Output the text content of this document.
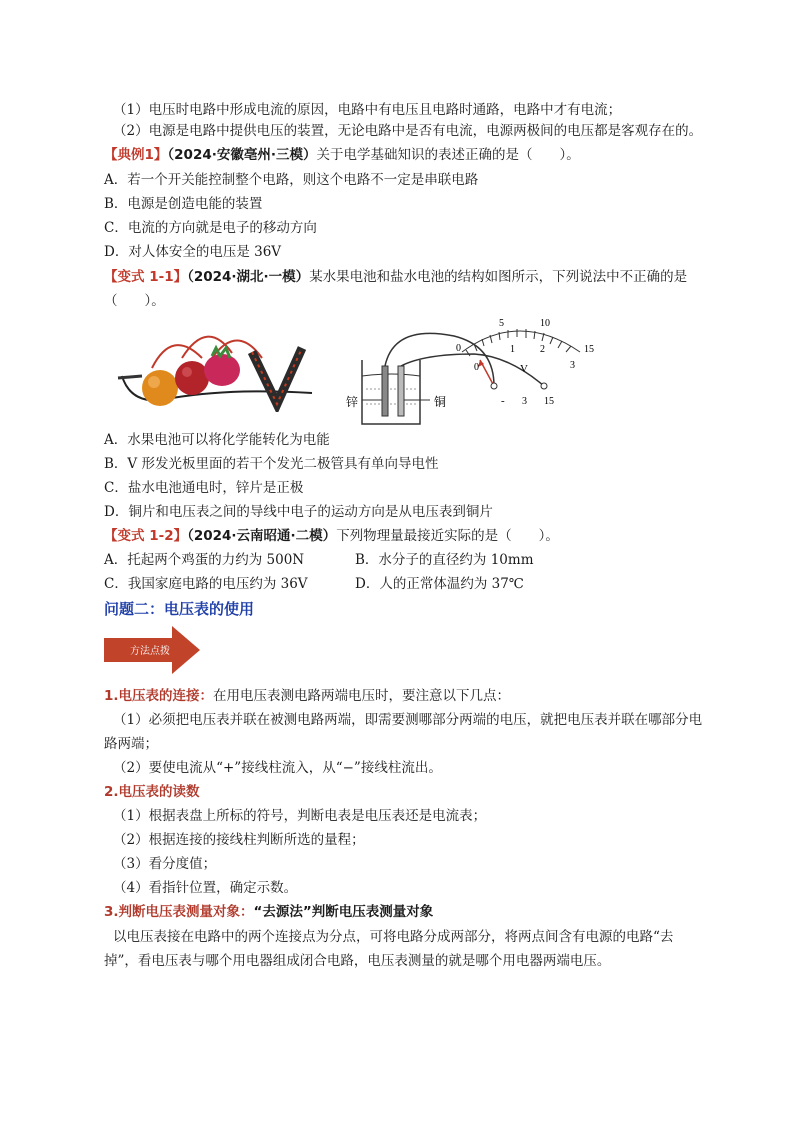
（1）电压时电路中形成电流的原因，电路中有电压且电路时通路，电路中才有电流；
（2）电源是电路中提供电压的装置，无论电路中是否有电流，电源两极间的电压都是客观存在的。
【典例1】（2024·安徽亳州·三模）关于电学基础知识的表述正确的是（　　）。
A．若一个开关能控制整个电路，则这个电路不一定是串联电路
B．电源是创造电能的装置
C．电流的方向就是电子的移动方向
D．对人体安全的电压是 36V
【变式 1-1】（2024·湖北·一模）某水果电池和盐水电池的结构如图所示，下列说法中不正确的是
（　　）。
0
5	10
15
0
1	2
3
V
- 3 15
锌	铜
A．水果电池可以将化学能转化为电能
B．V 形发光板里面的若干个发光二极管具有单向导电性
C．盐水电池通电时，锌片是正极
D．铜片和电压表之间的导线中电子的运动方向是从电压表到铜片
【变式 1-2】（2024·云南昭通·二模）下列物理量最接近实际的是（　　）。
A．托起两个鸡蛋的力约为 500N	B．水分子的直径约为 10mm
C．我国家庭电路的电压约为 36V	D．人的正常体温约为 37℃
问题二：电压表的使用
方法点拨
1.电压表的连接：在用电压表测电路两端电压时，要注意以下几点：
（1）必须把电压表并联在被测电路两端，即需要测哪部分两端的电压，就把电压表并联在哪部分电
路两端；
（2）要使电流从“+”接线柱流入，从“−”接线柱流出。
2.电压表的读数
（1）根据表盘上所标的符号，判断电表是电压表还是电流表；
（2）根据连接的接线柱判断所选的量程；
（3）看分度值；
（4）看指针位置，确定示数。
3.判断电压表测量对象：“去源法”判断电压表测量对象
以电压表接在电路中的两个连接点为分点，可将电路分成两部分，将两点间含有电源的电路“去
掉”，看电压表与哪个用电器组成闭合电路，电压表测量的就是哪个用电器两端电压。
